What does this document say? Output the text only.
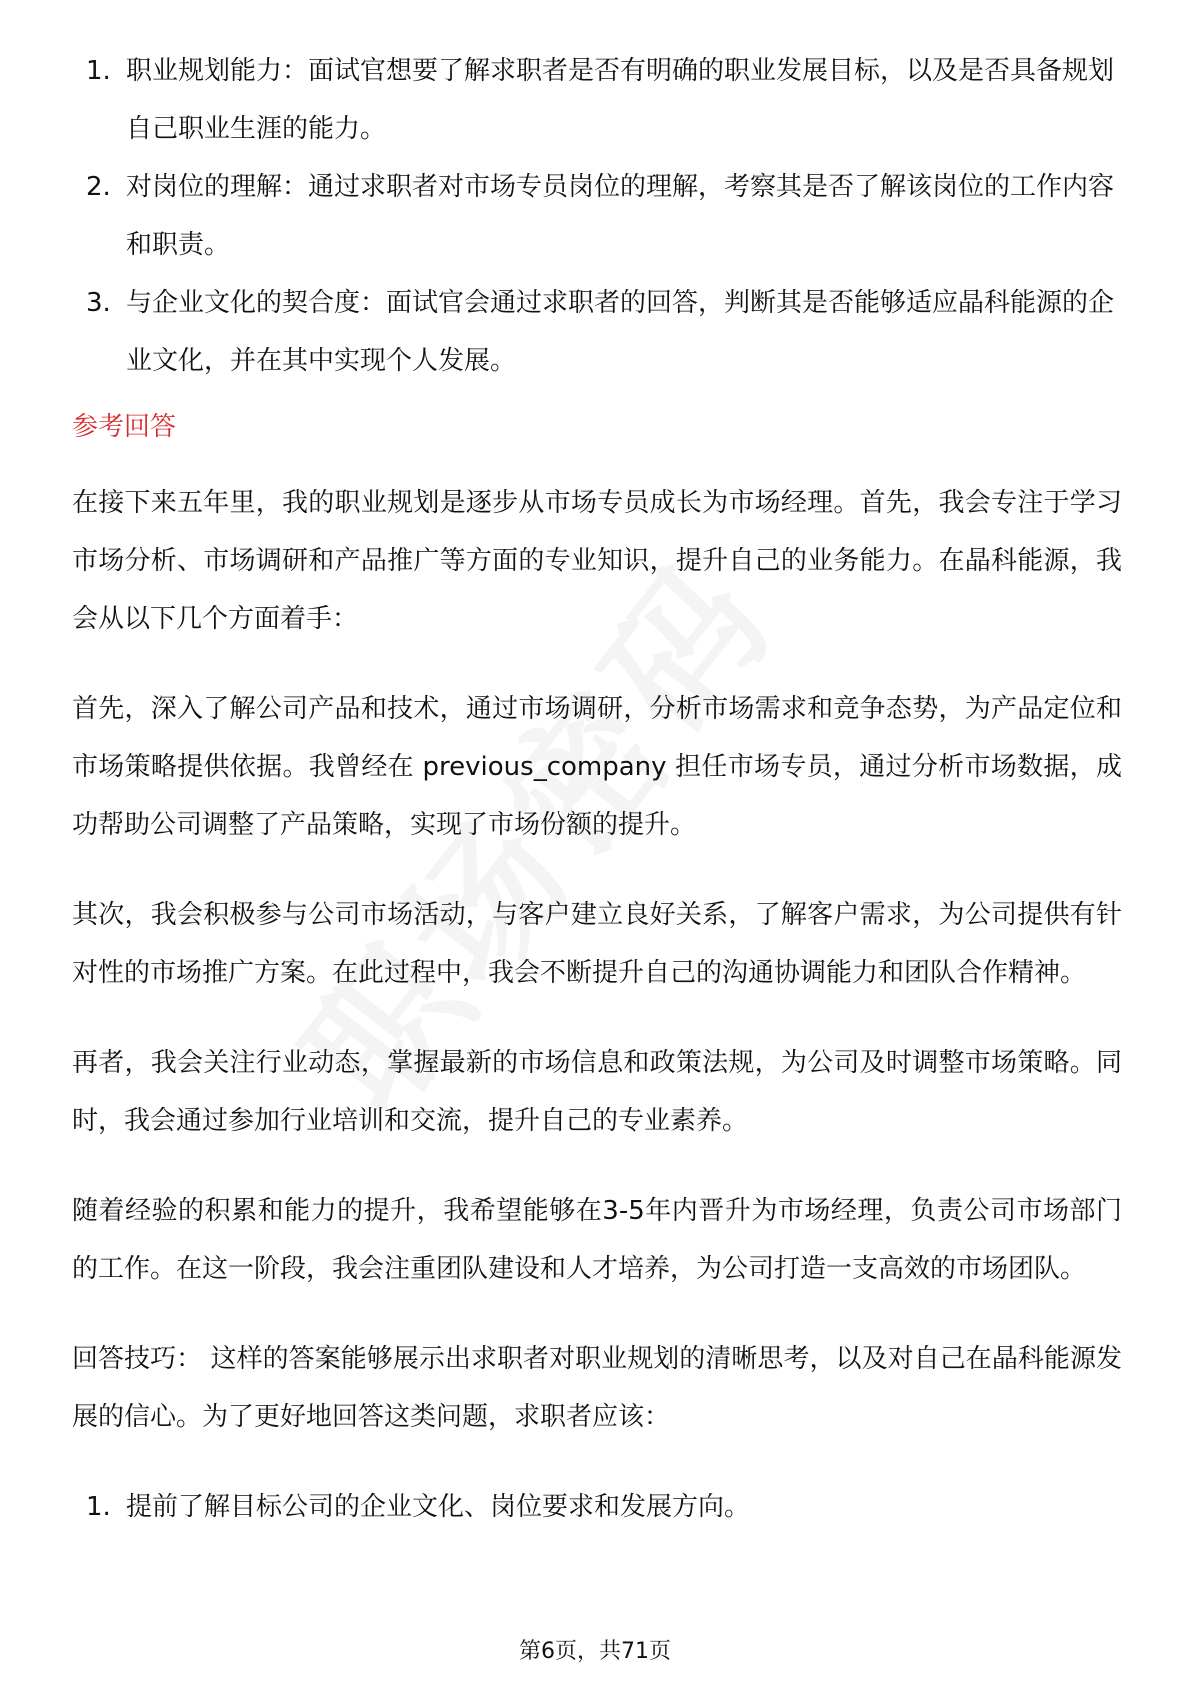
1. 职业规划能力：面试官想要了解求职者是否有明确的职业发展目标，以及是否具备规划自己职业生涯的能力。
2. 对岗位的理解：通过求职者对市场专员岗位的理解，考察其是否了解该岗位的工作内容和职责。
3. 与企业文化的契合度：面试官会通过求职者的回答，判断其是否能够适应晶科能源的企业文化，并在其中实现个人发展。
参考回答

在接下来五年里，我的职业规划是逐步从市场专员成长为市场经理。首先，我会专注于学习市场分析、市场调研和产品推广等方面的专业知识，提升自己的业务能力。在晶科能源，我会从以下几个方面着手：

首先，深入了解公司产品和技术，通过市场调研，分析市场需求和竞争态势，为产品定位和市场策略提供依据。我曾经在 previous_company 担任市场专员，通过分析市场数据，成功帮助公司调整了产品策略，实现了市场份额的提升。

其次，我会积极参与公司市场活动，与客户建立良好关系，了解客户需求，为公司提供有针对性的市场推广方案。在此过程中，我会不断提升自己的沟通协调能力和团队合作精神。

再者，我会关注行业动态，掌握最新的市场信息和政策法规，为公司及时调整市场策略。同时，我会通过参加行业培训和交流，提升自己的专业素养。

随着经验的积累和能力的提升，我希望能够在3-5年内晋升为市场经理，负责公司市场部门的工作。在这一阶段，我会注重团队建设和人才培养，为公司打造一支高效的市场团队。

回答技巧： 这样的答案能够展示出求职者对职业规划的清晰思考，以及对自己在晶科能源发展的信心。为了更好地回答这类问题，求职者应该：

1. 提前了解目标公司的企业文化、岗位要求和发展方向。
第6页，共71页
